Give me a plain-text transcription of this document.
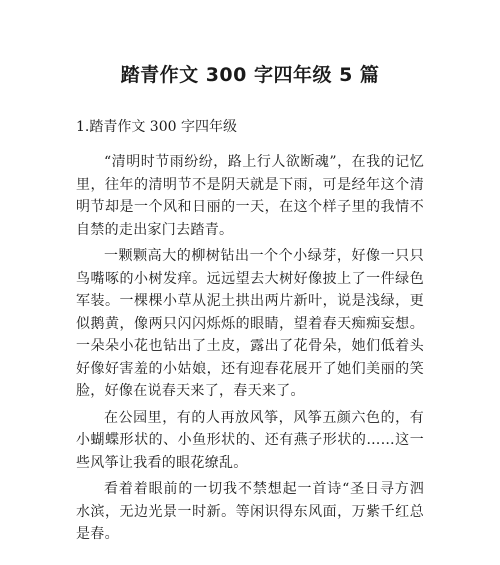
踏青作文 300 字四年级 5 篇
1.踏青作文 300 字四年级

“清明时节雨纷纷，路上行人欲断魂”，在我的记忆里，往年的清明节不是阴天就是下雨，可是经年这个清明节却是一个风和日丽的一天，在这个样子里的我情不自禁的走出家门去踏青。

一颗颗高大的柳树钻出一个个小绿芽，好像一只只鸟嘴啄的小树发痒。远远望去大树好像披上了一件绿色军装。一棵棵小草从泥土拱出两片新叶，说是浅绿，更似鹅黄，像两只闪闪烁烁的眼睛，望着春天痴痴妄想。一朵朵小花也钻出了土皮，露出了花骨朵，她们低着头好像好害羞的小姑娘，还有迎春花展开了她们美丽的笑脸，好像在说春天来了，春天来了。

在公园里，有的人再放风筝，风筝五颜六色的，有小蝴蝶形状的、小鱼形状的、还有燕子形状的……这一些风筝让我看的眼花缭乱。

看着着眼前的一切我不禁想起一首诗“圣日寻方泗水滨，无边光景一时新。等闲识得东风面，万紫千红总是春。
